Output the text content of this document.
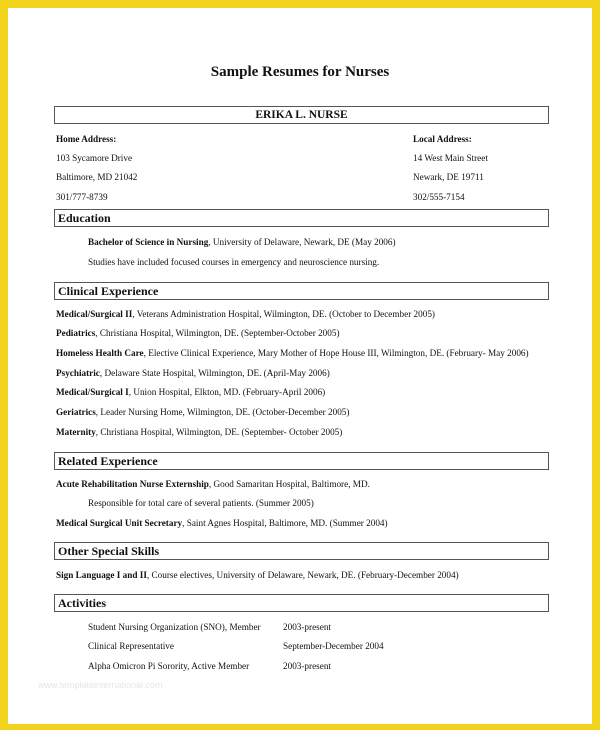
Sample Resumes for Nurses
ERIKA L. NURSE
Home Address:
103 Sycamore Drive
Baltimore, MD 21042
301/777-8739
Local Address:
14 West Main Street
Newark, DE 19711
302/555-7154
Education
Bachelor of Science in Nursing, University of Delaware, Newark, DE (May 2006)
Studies have included focused courses in emergency and neuroscience nursing.
Clinical Experience
Medical/Surgical II, Veterans Administration Hospital, Wilmington, DE. (October to December 2005)
Pediatrics, Christiana Hospital, Wilmington, DE. (September-October 2005)
Homeless Health Care, Elective Clinical Experience, Mary Mother of Hope House III, Wilmington, DE. (February- May 2006)
Psychiatric, Delaware State Hospital, Wilmington, DE. (April-May 2006)
Medical/Surgical I, Union Hospital, Elkton, MD. (February-April 2006)
Geriatrics, Leader Nursing Home, Wilmington, DE. (October-December 2005)
Maternity, Christiana Hospital, Wilmington, DE. (September- October 2005)
Related Experience
Acute Rehabilitation Nurse Externship, Good Samaritan Hospital, Baltimore, MD.
Responsible for total care of several patients. (Summer 2005)
Medical Surgical Unit Secretary, Saint Agnes Hospital, Baltimore, MD. (Summer 2004)
Other Special Skills
Sign Language I and II, Course electives, University of Delaware, Newark, DE. (February-December 2004)
Activities
Student Nursing Organization (SNO), Member 2003-present
Clinical Representative	September-December 2004
Alpha Omicron Pi Sorority, Active Member	2003-present
www.templateinternational.com
